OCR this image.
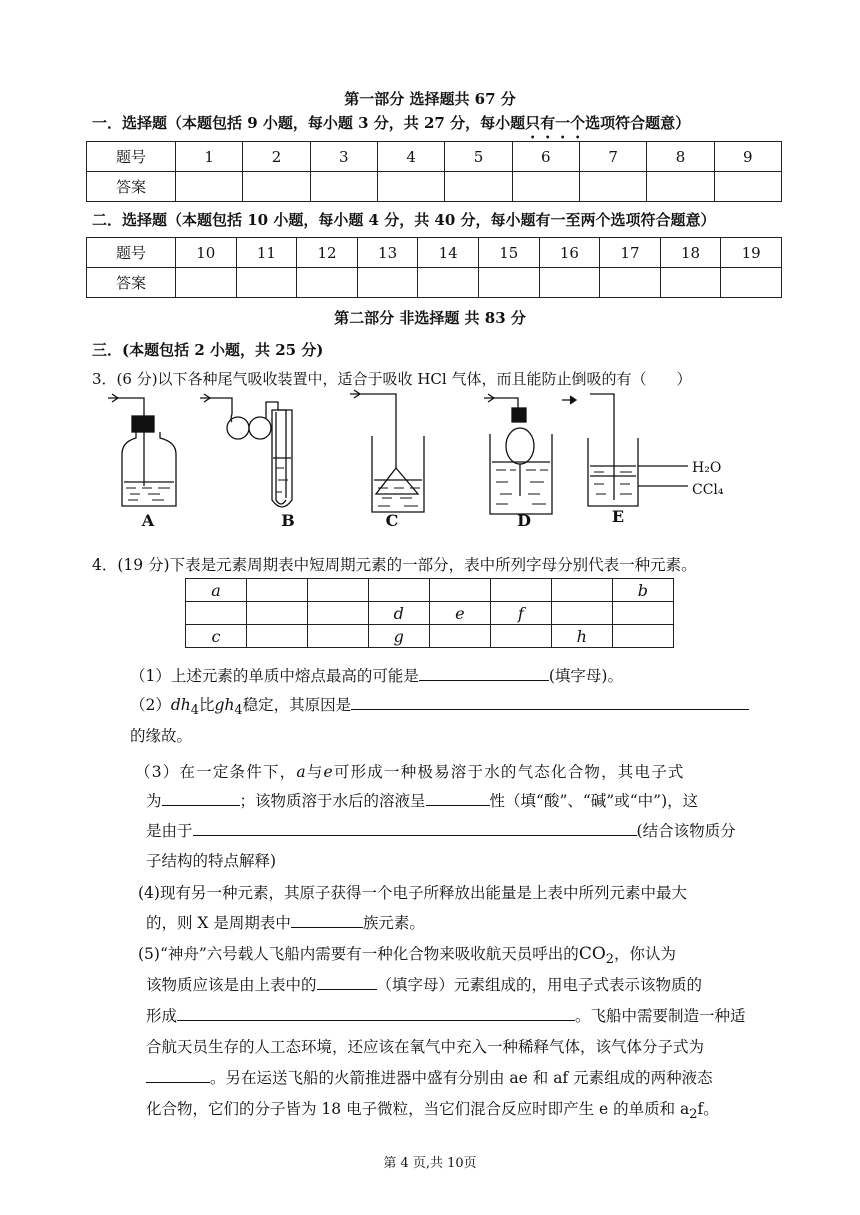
第一部分 选择题共 67 分
一．选择题（本题包括 9 小题，每小题 3 分，共 27 分，每小题只有一个选项符合题意）
题号	1	2	3	4	5	6	7	8	9
答案									
二．选择题（本题包括 10 小题，每小题 4 分，共 40 分，每小题有一至两个选项符合题意）
题号	10	11	12	13	14	15	16	17	18	19
答案										
第二部分 非选择题 共 83 分
三．(本题包括 2 小题，共 25 分)
3．(6 分)以下各种尾气吸收装置中，适合于吸收 HCl 气体，而且能防止倒吸的有（　　）
A	B	C	D	E
H₂O
CCl₄
4．(19 分)下表是元素周期表中短周期元素的一部分，表中所列字母分别代表一种元素。
a							b
			d	e	f		
c			g			h	
（1）上述元素的单质中熔点最高的可能是	(填字母)。
$(2)dh_4$比$gh_4$稳定，其原因是
的缘故。
（3）在一定条件下，a与e可形成一种极易溶于水的气态化合物，其电子式
为	；该物质溶于水后的溶液呈	性（填“酸”、“碱”或“中”)，这
是由于	(结合该物质分
子结构的特点解释)
(4)现有另一种元素，其原子获得一个电子所释放出能量是上表中所列元素中最大
的，则 X 是周期表中	族元素。
(5)“神舟”六号载人飞船内需要有一种化合物来吸收航天员呼出的$CO_2$，你认为
该物质应该是由上表中的	（填字母）元素组成的，用电子式表示该物质的
形成	。飞船中需要制造一种适
合航天员生存的人工态环境，还应该在氧气中充入一种稀释气体，该气体分子式为
。另在运送飞船的火箭推进器中盛有分别由 ae 和 af 元素组成的两种液态
化合物，它们的分子皆为 18 电子微粒，当它们混合反应时即产生 e 的单质和 $a_2f$。
第 4 页,共 10页
